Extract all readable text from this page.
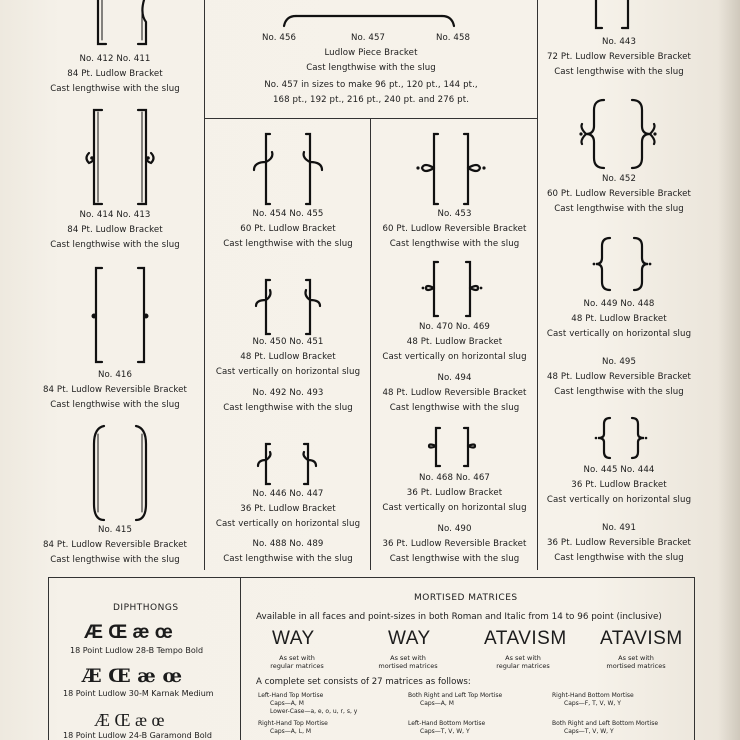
No. 412 No. 411
84 Pt. Ludlow Bracket
Cast lengthwise with the slug
No. 414 No. 413
84 Pt. Ludlow Bracket
Cast lengthwise with the slug
No. 416
84 Pt. Ludlow Reversible Bracket
Cast lengthwise with the slug
No. 415
84 Pt. Ludlow Reversible Bracket
Cast lengthwise with the slug
No. 456	No. 457	No. 458
Ludlow Piece Bracket
Cast lengthwise with the slug
No. 457 in sizes to make 96 pt., 120 pt., 144 pt.,
168 pt., 192 pt., 216 pt., 240 pt. and 276 pt.
No. 454 No. 455
60 Pt. Ludlow Bracket
Cast lengthwise with the slug
No. 450 No. 451
48 Pt. Ludlow Bracket
Cast vertically on horizontal slug
No. 492 No. 493
Cast lengthwise with the slug
No. 446 No. 447
36 Pt. Ludlow Bracket
Cast vertically on horizontal slug
No. 488 No. 489
Cast lengthwise with the slug
No. 453
60 Pt. Ludlow Reversible Bracket
Cast lengthwise with the slug
No. 470 No. 469
48 Pt. Ludlow Bracket
Cast vertically on horizontal slug
No. 494
48 Pt. Ludlow Reversible Bracket
Cast lengthwise with the slug
No. 468 No. 467
36 Pt. Ludlow Bracket
Cast vertically on horizontal slug
No. 490
36 Pt. Ludlow Reversible Bracket
Cast lengthwise with the slug
No. 443
72 Pt. Ludlow Reversible Bracket
Cast lengthwise with the slug
No. 452
60 Pt. Ludlow Reversible Bracket
Cast lengthwise with the slug
No. 449 No. 448
48 Pt. Ludlow Bracket
Cast vertically on horizontal slug
No. 495
48 Pt. Ludlow Reversible Bracket
Cast lengthwise with the slug
No. 445 No. 444
36 Pt. Ludlow Bracket
Cast vertically on horizontal slug
No. 491
36 Pt. Ludlow Reversible Bracket
Cast lengthwise with the slug
DIPHTHONGS
Æ Œ æ œ
18 Point Ludlow 28-B Tempo Bold
Æ Œ æ œ
18 Point Ludlow 30-M Karnak Medium
Æ Œ æ œ
18 Point Ludlow 24-B Garamond Bold
MORTISED MATRICES
Available in all faces and point-sizes in both Roman and Italic from 14 to 96 point (inclusive)
WAY
As set with
regular matrices
WAY
As set with
mortised matrices
ATAVISM
As set with
regular matrices
ATAVISM
As set with
mortised matrices
A complete set consists of 27 matrices as follows:
Left-Hand Top Mortise
Caps—A, M
Lower-Case—a, e, o, u, r, s, y
Right-Hand Top Mortise
Caps—A, L, M
Both Right and Left Top Mortise
Caps—A, M
Left-Hand Bottom Mortise
Caps—T, V, W, Y
Right-Hand Bottom Mortise
Caps—F, T, V, W, Y
Both Right and Left Bottom Mortise
Caps—T, V, W, Y
